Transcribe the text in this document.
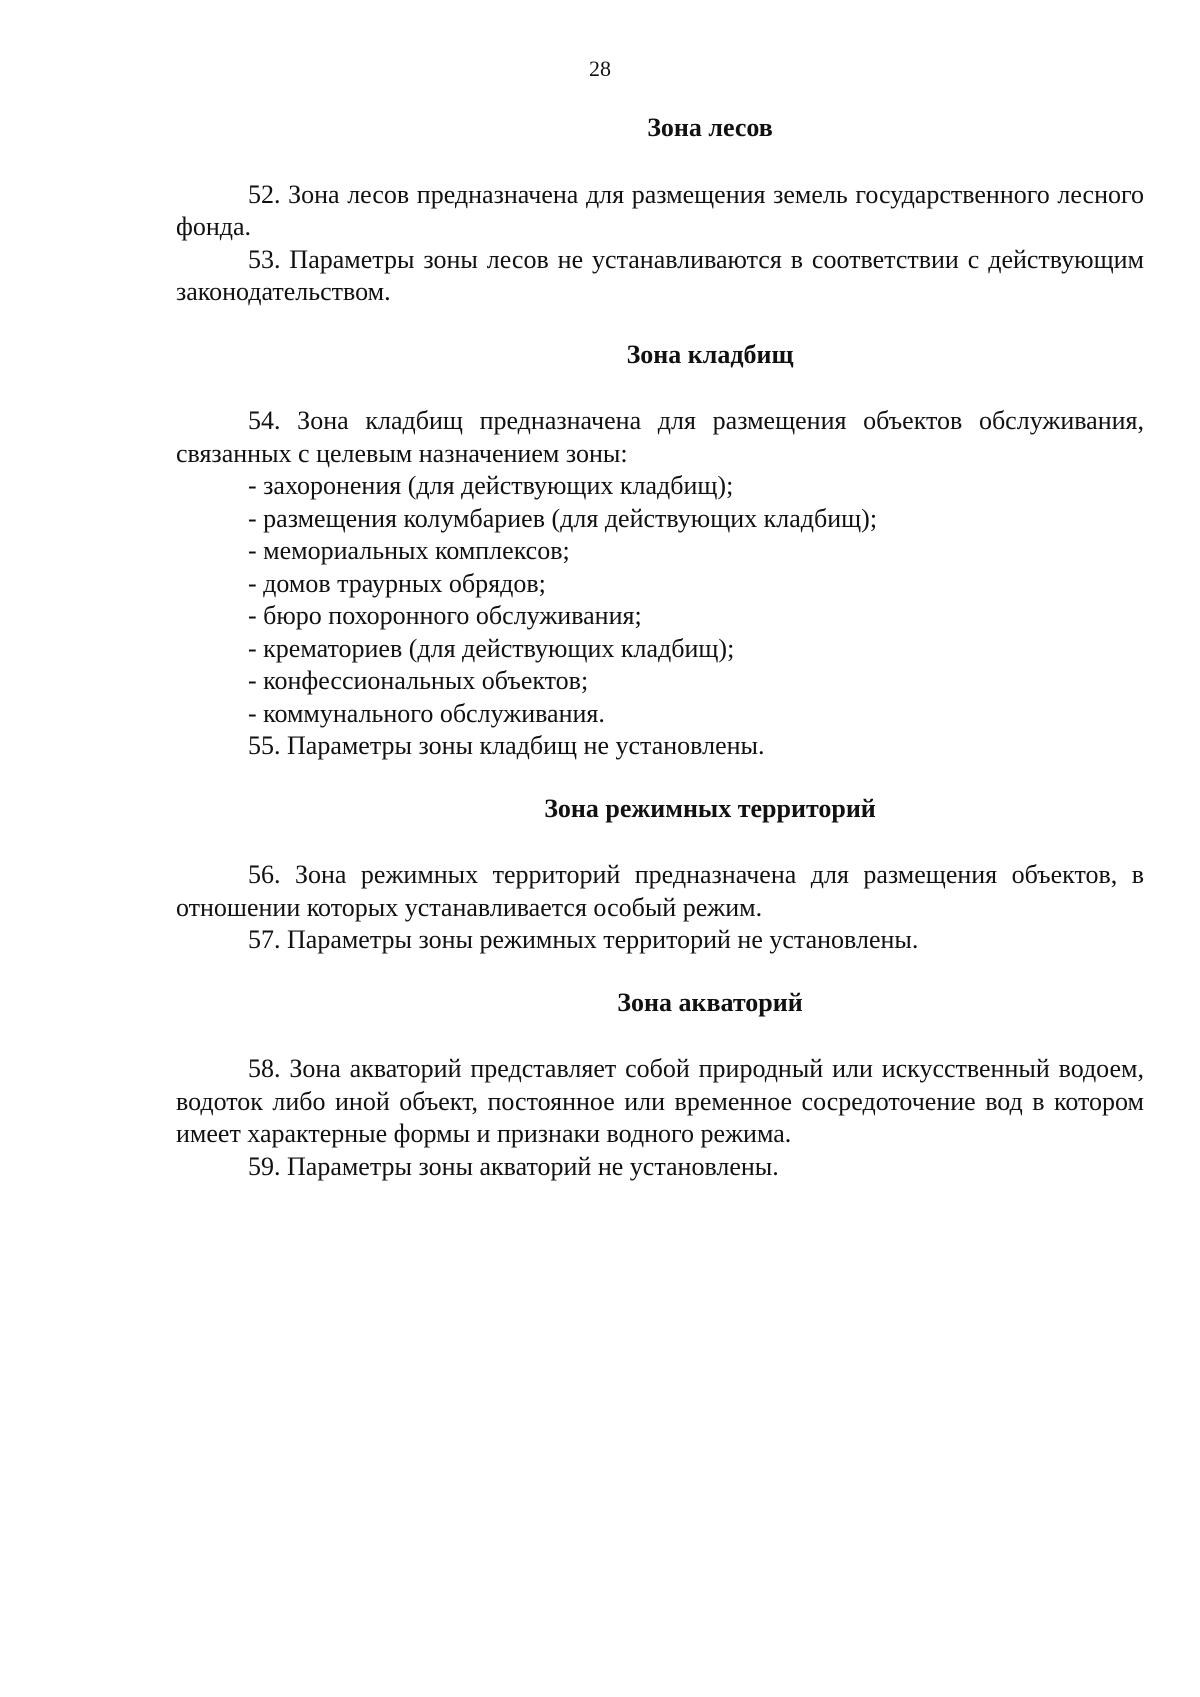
28
Зона лесов

52. Зона лесов предназначена для размещения земель государственного лесного фонда.

53. Параметры зоны лесов не устанавливаются в соответствии с действующим законодательством.

Зона кладбищ

54. Зона кладбищ предназначена для размещения объектов обслуживания, связанных с целевым назначением зоны:

- захоронения (для действующих кладбищ);
- размещения колумбариев (для действующих кладбищ);
- мемориальных комплексов;
- домов траурных обрядов;
- бюро похоронного обслуживания;
- крематориев (для действующих кладбищ);
- конфессиональных объектов;
- коммунального обслуживания.

55. Параметры зоны кладбищ не установлены.

Зона режимных территорий

56. Зона режимных территорий предназначена для размещения объектов, в отношении которых устанавливается особый режим.

57. Параметры зоны режимных территорий не установлены.

Зона акваторий

58. Зона акваторий представляет собой природный или искусственный водоем, водоток либо иной объект, постоянное или временное сосредоточение вод в котором имеет характерные формы и признаки водного режима.

59. Параметры зоны акваторий не установлены.
